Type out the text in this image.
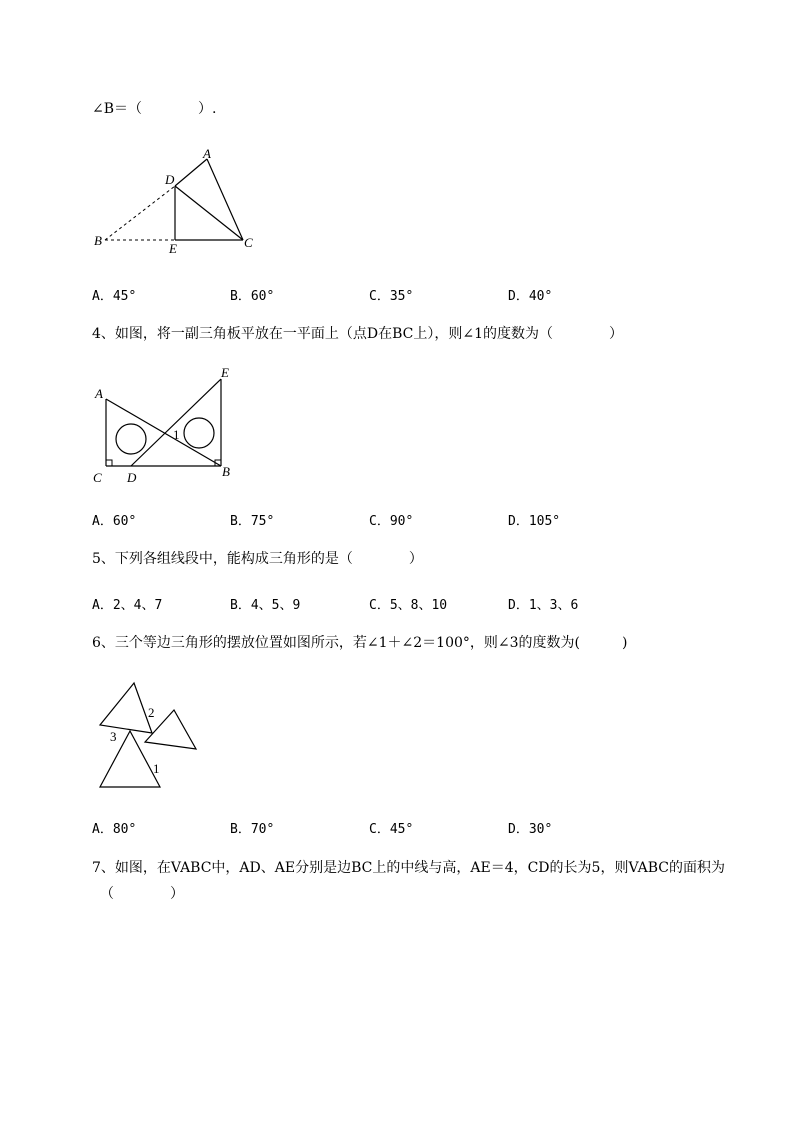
∠B＝（　　　　）.
A
D
B
E	C
A．45°	B．60°	C．35°	D．40°
4、如图，将一副三角板平放在一平面上（点D在BC上），则∠1的度数为（　　　　）
A
E
C D	B
1
A．60°	B．75°	C．90°	D．105°
5、下列各组线段中，能构成三角形的是（　　　　）
A．2、4、7	B．4、5、9	C．5、8、10	D．1、3、6
6、三个等边三角形的摆放位置如图所示，若∠1＋∠2＝100°，则∠3的度数为(　　　)
2
3
1
A．80°	B．70°	C．45°	D．30°
7、如图，在VABC中，AD、AE分别是边BC上的中线与高，AE＝4，CD的长为5，则VABC的面积为
（　　　　）
